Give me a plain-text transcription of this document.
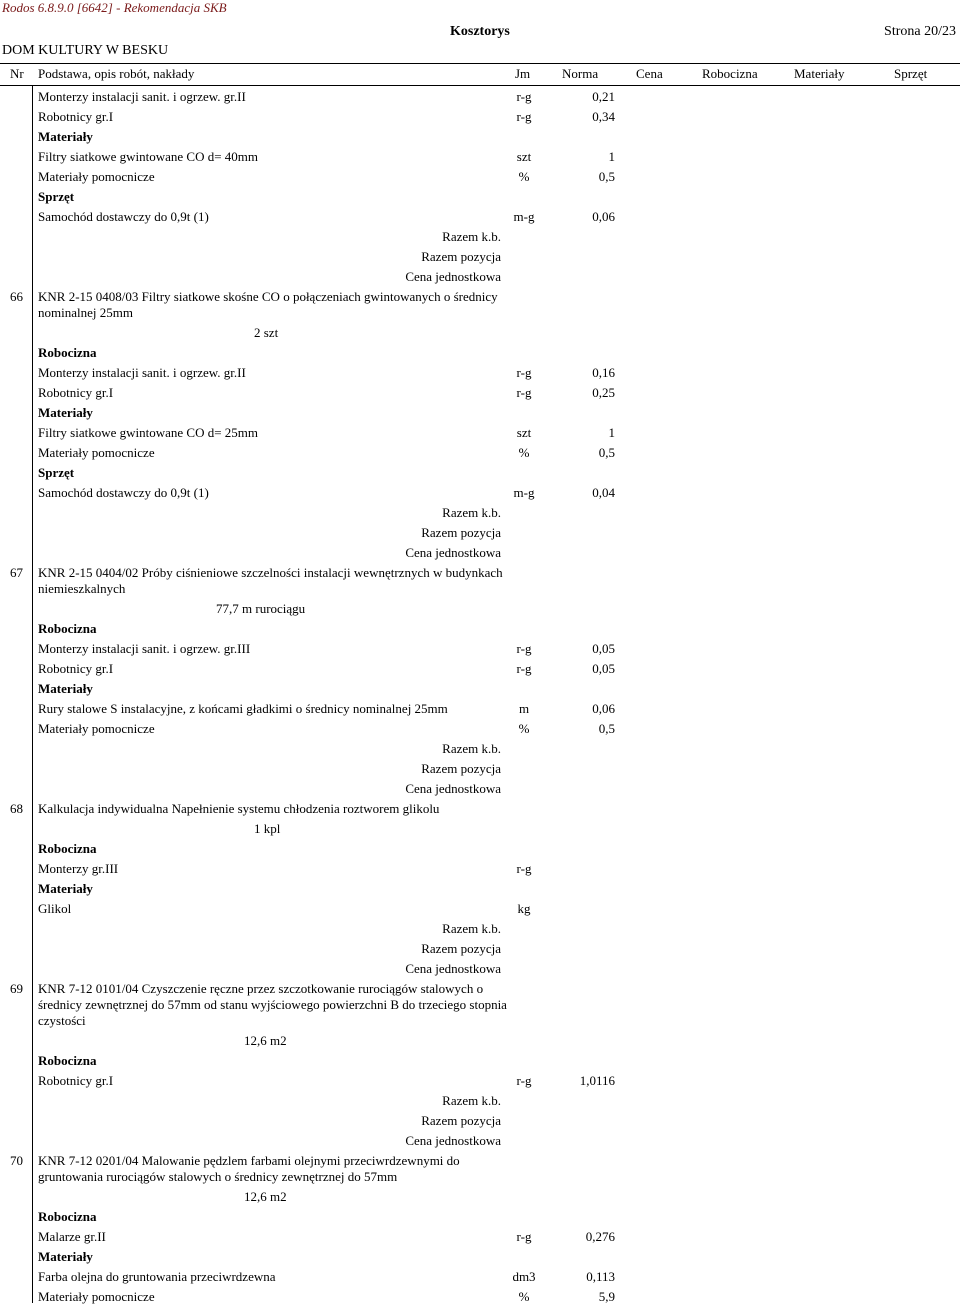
Rodos 6.8.9.0 [6642] - Rekomendacja SKB
Kosztorys	Strona 20/23
DOM KULTURY W BESKU
Nr Podstawa, opis robót, nakłady	Jm Norma	Cena	Robocizna	Materiały	Sprzęt
Monterzy instalacji sanit. i ogrzew. gr.II	r-g	0,21
Robotnicy gr.I	r-g	0,34
Materiały
Filtry siatkowe gwintowane CO d= 40mm	szt	1
Materiały pomocnicze	%	0,5
Sprzęt
Samochód dostawczy do 0,9t (1)	m-g	0,06
Razem k.b.
Razem pozycja
Cena jednostkowa
66 KNR 2-15 0408/03 Filtry siatkowe skośne CO o połączeniach gwintowanych o średnicy nominalnej 25mm
2 szt
Robocizna
Monterzy instalacji sanit. i ogrzew. gr.II	r-g	0,16
Robotnicy gr.I	r-g	0,25
Materiały
Filtry siatkowe gwintowane CO d= 25mm	szt	1
Materiały pomocnicze	%	0,5
Sprzęt
Samochód dostawczy do 0,9t (1)	m-g	0,04
Razem k.b.
Razem pozycja
Cena jednostkowa
67 KNR 2-15 0404/02 Próby ciśnieniowe szczelności instalacji wewnętrznych w budynkach niemieszkalnych
77,7 m rurociągu
Robocizna
Monterzy instalacji sanit. i ogrzew. gr.III	r-g	0,05
Robotnicy gr.I	r-g	0,05
Materiały
Rury stalowe S instalacyjne, z końcami gładkimi o średnicy nominalnej 25mm	m	0,06
Materiały pomocnicze	%	0,5
Razem k.b.
Razem pozycja
Cena jednostkowa
68 Kalkulacja indywidualna Napełnienie systemu chłodzenia roztworem glikolu
1 kpl
Robocizna
Monterzy gr.III	r-g
Materiały
Glikol	kg
Razem k.b.
Razem pozycja
Cena jednostkowa
69 KNR 7-12 0101/04 Czyszczenie ręczne przez szczotkowanie rurociągów stalowych o średnicy zewnętrznej do 57mm od stanu wyjściowego powierzchni B do trzeciego stopnia czystości
12,6 m2
Robocizna
Robotnicy gr.I	r-g	1,0116
Razem k.b.
Razem pozycja
Cena jednostkowa
70 KNR 7-12 0201/04 Malowanie pędzlem farbami olejnymi przeciwrdzewnymi do gruntowania rurociągów stalowych o średnicy zewnętrznej do 57mm
12,6 m2
Robocizna
Malarze gr.II	r-g	0,276
Materiały
Farba olejna do gruntowania przeciwrdzewna	dm3	0,113
Materiały pomocnicze	%	5,9
